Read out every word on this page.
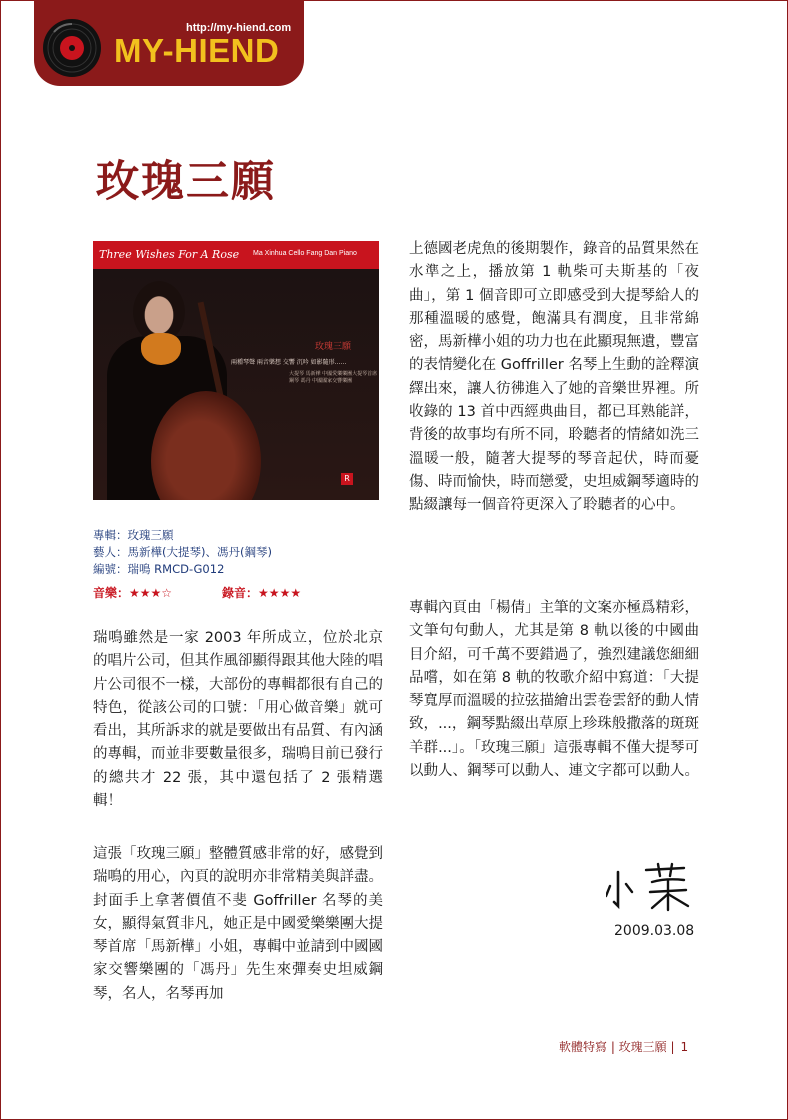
http://my-hiend.com
MY-HIEND
玫瑰三願
Three Wishes For A Rose Ma Xinhua Cello Fang Dan Piano
玫瑰三願
兩種琴聲 兩音樂想 交響 沉吟 如影隨形……
大提琴 馬新樺 中國愛樂樂團大提琴首席
鋼琴 馮丹 中國國家交響樂團
R
專輯：玫瑰三願
藝人：馬新樺(大提琴)、馮丹(鋼琴)
編號：瑞鳴 RMCD-G012
音樂：★★★☆	錄音：★★★★
瑞鳴雖然是一家 2003 年所成立，位於北京的唱片公司，但其作風卻顯得跟其他大陸的唱片公司很不一樣，大部份的專輯都很有自己的特色，從該公司的口號：「用心做音樂」就可看出，其所訴求的就是要做出有品質、有內涵的專輯，而並非要數量很多，瑞鳴目前已發行的總共才 22 張，其中還包括了 2 張精選輯！
這張「玫瑰三願」整體質感非常的好，感覺到瑞鳴的用心，內頁的說明亦非常精美與詳盡。封面手上拿著價值不斐 Goffriller 名琴的美女，顯得氣質非凡，她正是中國愛樂樂團大提琴首席「馬新樺」小姐，專輯中並請到中國國家交響樂團的「馮丹」先生來彈奏史坦威鋼琴，名人，名琴再加
上德國老虎魚的後期製作，錄音的品質果然在水準之上，播放第 1 軌柴可夫斯基的「夜曲」，第 1 個音即可立即感受到大提琴給人的那種溫暖的感覺，飽滿具有潤度，且非常綿密，馬新樺小姐的功力也在此顯現無遺，豐富的表情變化在 Goffriller 名琴上生動的詮釋演繹出來，讓人彷彿進入了她的音樂世界裡。所收錄的 13 首中西經典曲目，都已耳熟能詳，背後的故事均有所不同，聆聽者的情緒如洗三溫暖一般，隨著大提琴的琴音起伏，時而憂傷、時而愉快，時而戀愛，史坦威鋼琴適時的點綴讓每一個音符更深入了聆聽者的心中。
專輯內頁由「楊倩」主筆的文案亦極爲精彩，文筆句句動人，尤其是第 8 軌以後的中國曲目介紹，可千萬不要錯過了，強烈建議您細細品嚐，如在第 8 軌的牧歌介紹中寫道：「大提琴寬厚而溫暖的拉弦描繪出雲卷雲舒的動人情致，...，鋼琴點綴出草原上珍珠般撒落的斑斑羊群...」。「玫瑰三願」這張專輯不僅大提琴可以動人、鋼琴可以動人、連文字都可以動人。
2009.03.08
軟體特寫 | 玫瑰三願 | 1
